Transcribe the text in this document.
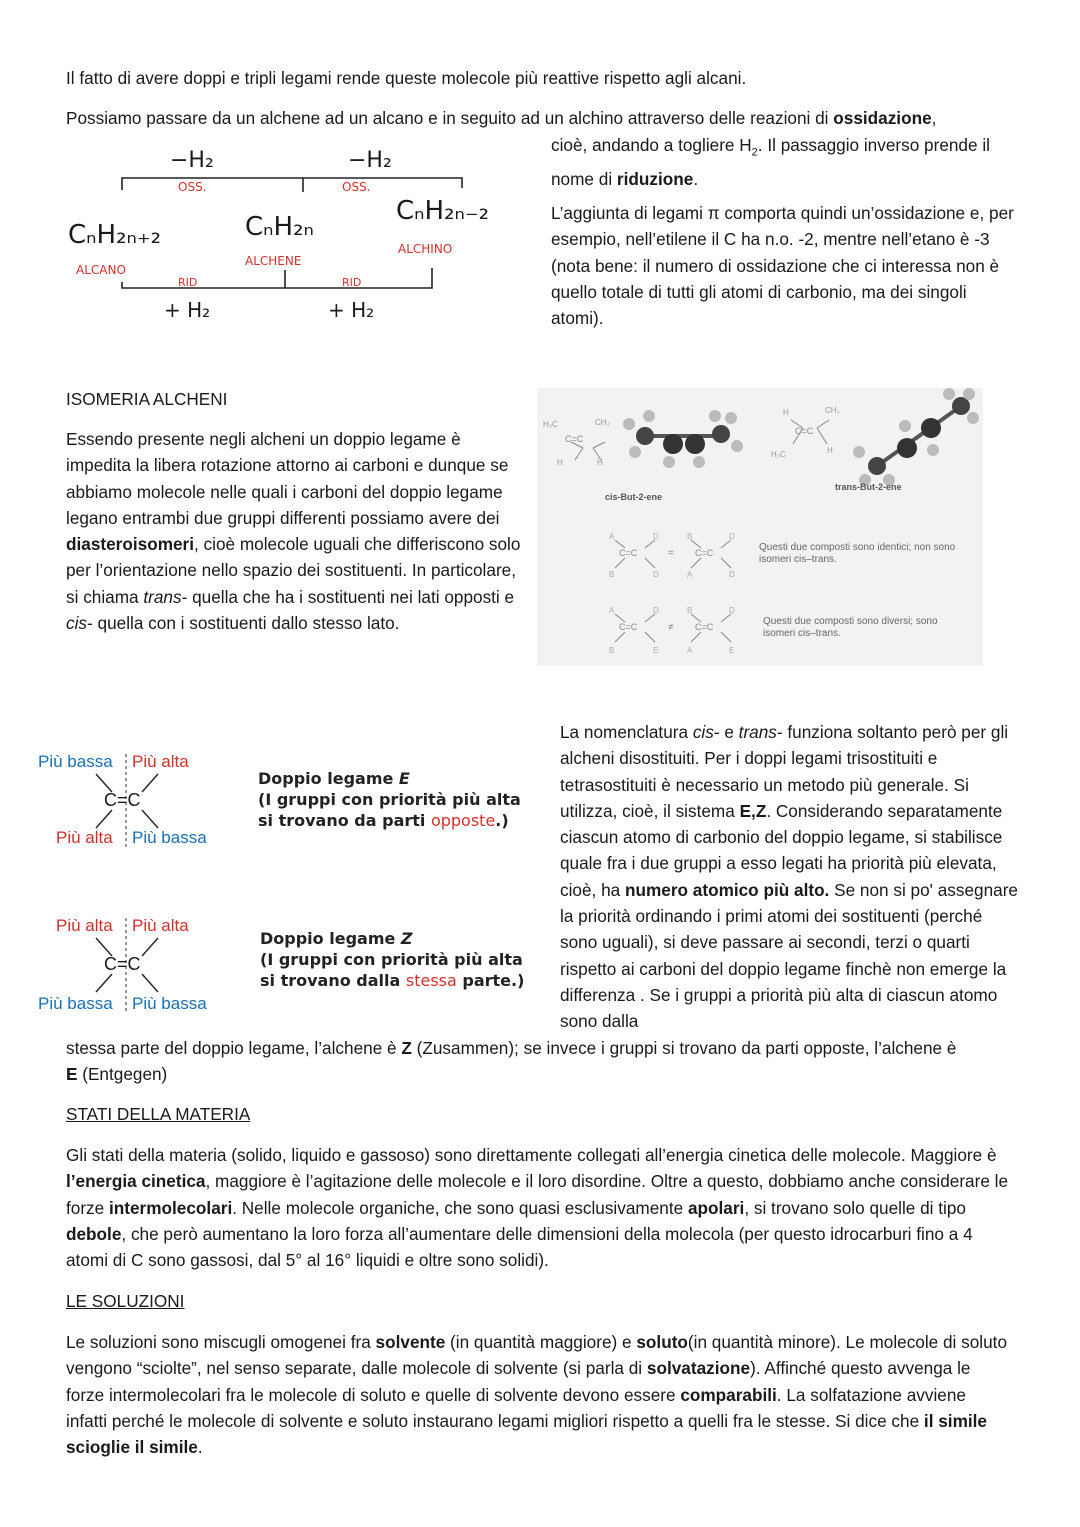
Il fatto di avere doppi e tripli legami rende queste molecole più reattive rispetto agli alcani.

Possiamo passare da un alchene ad un alcano e in seguito ad un alchino attraverso delle reazioni di ossidazione,

−H₂	−H₂
OSS.	OSS.
CₙH₂ₙ₊₂	CₙH₂ₙ
CₙH₂ₙ₋₂
ALCANO
ALCHENE
ALCHINO
RID	RID
+ H₂	+ H₂

cioè, andando a togliere $H_2$. Il passaggio inverso prende il nome di riduzione.

L’aggiunta di legami π comporta quindi un’ossidazione e, per esempio, nell’etilene il C ha n.o. -2, mentre nell’etano è -3 (nota bene: il numero di ossidazione che ci interessa non è quello totale di tutti gli atomi di carbonio, ma dei singoli atomi).

ISOMERIA ALCHENI

Essendo presente negli alcheni un doppio legame è impedita la libera rotazione attorno ai carboni e dunque se abbiamo molecole nelle quali i carboni del doppio legame legano entrambi due gruppi differenti possiamo avere dei diasteroisomeri, cioè molecole uguali che differiscono solo per l’orientazione nello spazio dei sostituenti. In particolare, si chiama trans- quella che ha i sostituenti nei lati opposti e cis- quella con i sostituenti dallo stesso lato.

H₃C	CH₃
C=C
H	H
cis-But-2-ene
H	CH₃
C=C
H₃C	H
trans-But-2-ene
A	D
C=C
B	D
=
B	D
C=C
A	D
Questi due composti sono identici; non sono isomeri cis–trans.
A	D
C=C
B	E
≠
B	D
C=C
A	E
Questi due composti sono diversi; sono isomeri cis–trans.
Più bassa Più alta
C=C
Più alta Più bassa
Doppio legame E
(I gruppi con priorità più alta
si trovano da parti opposte.)
Più alta Più alta
C=C
Più bassa Più bassa
Doppio legame Z
(I gruppi con priorità più alta
si trovano dalla stessa parte.)

La nomenclatura cis- e trans- funziona soltanto però per gli alcheni disostituiti. Per i doppi legami trisostituiti e tetrasostituiti è necessario un metodo più generale. Si utilizza, cioè, il sistema E,Z. Considerando separatamente ciascun atomo di carbonio del doppio legame, si stabilisce quale fra i due gruppi a esso legati ha priorità più elevata, cioè, ha numero atomico più alto. Se non si po' assegnare la priorità ordinando i primi atomi dei sostituenti (perché sono uguali), si deve passare ai secondi, terzi o quarti rispetto ai carboni del doppio legame finchè non emerge la differenza . Se i gruppi a priorità più alta di ciascun atomo sono dalla

stessa parte del doppio legame, l’alchene è Z (Zusammen); se invece i gruppi si trovano da parti opposte, l’alchene è
E (Entgegen)

STATI DELLA MATERIA

Gli stati della materia (solido, liquido e gassoso) sono direttamente collegati all’energia cinetica delle molecole. Maggiore è l’energia cinetica, maggiore è l’agitazione delle molecole e il loro disordine. Oltre a questo, dobbiamo anche considerare le forze intermolecolari. Nelle molecole organiche, che sono quasi esclusivamente apolari, si trovano solo quelle di tipo debole, che però aumentano la loro forza all’aumentare delle dimensioni della molecola (per questo idrocarburi fino a 4 atomi di C sono gassosi, dal 5° al 16° liquidi e oltre sono solidi).

LE SOLUZIONI

Le soluzioni sono miscugli omogenei fra solvente (in quantità maggiore) e soluto(in quantità minore). Le molecole di soluto vengono “sciolte”, nel senso separate, dalle molecole di solvente (si parla di solvatazione). Affinché questo avvenga le forze intermolecolari fra le molecole di soluto e quelle di solvente devono essere comparabili. La solfatazione avviene infatti perché le molecole di solvente e soluto instaurano legami migliori rispetto a quelli fra le stesse. Si dice che il simile scioglie il simile.
